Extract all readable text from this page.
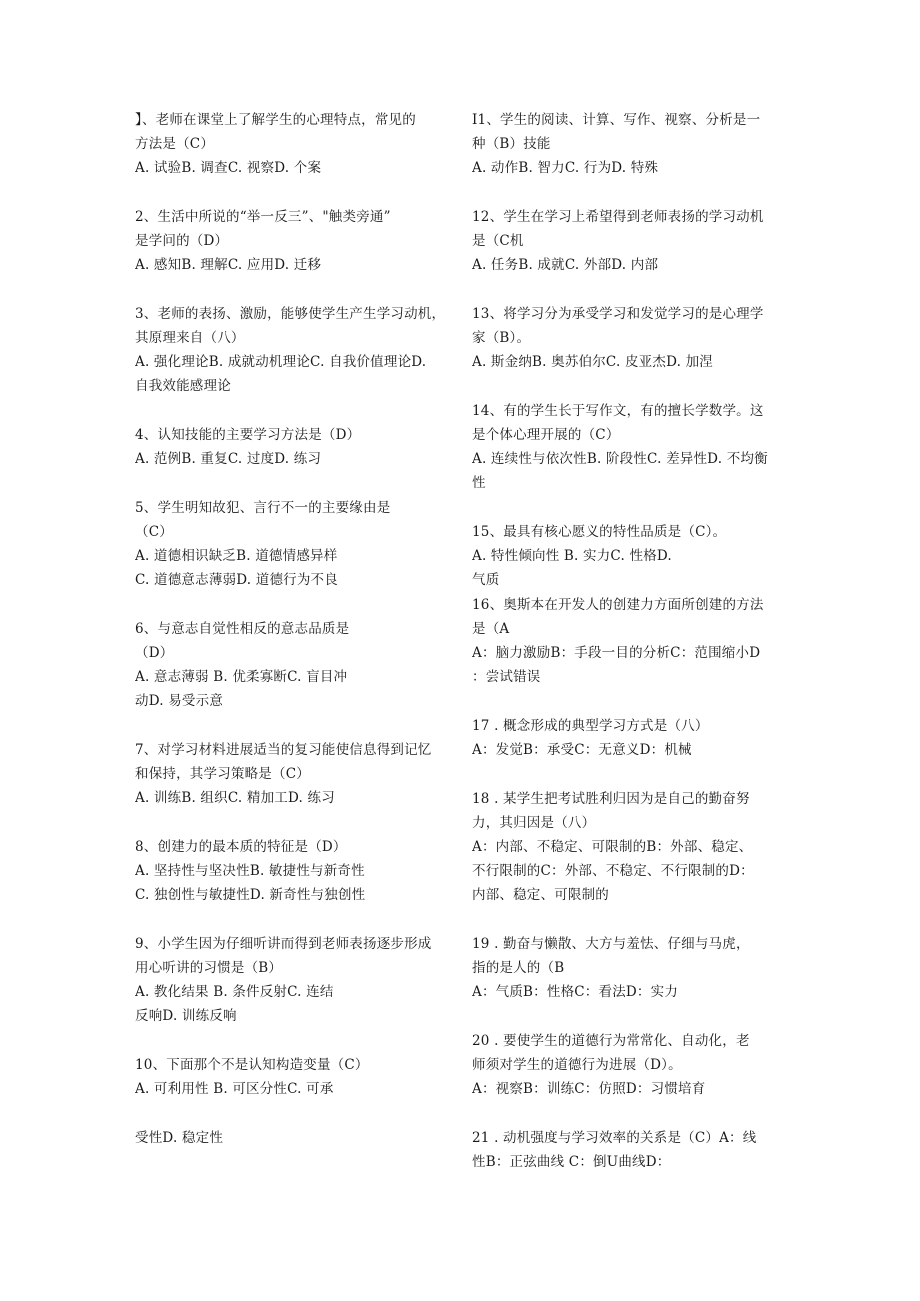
】、老师在课堂上了解学生的心理特点，常见的
方法是（C）
A. 试验B. 调查C. 视察D. 个案
2、生活中所说的“举一反三”、"触类旁通”
是学问的（D）
A. 感知B. 理解C. 应用D. 迁移
3、老师的表扬、激励，能够使学生产生学习动机，
其原理来自（八）
A. 强化理论B. 成就动机理论C. 自我价值理论D.
自我效能感理论
4、认知技能的主要学习方法是（D）
A. 范例B. 重复C. 过度D. 练习
5、学生明知故犯、言行不一的主要缘由是
（C）
A. 道德相识缺乏B. 道德情感异样
C. 道德意志薄弱D. 道德行为不良
6、与意志自觉性相反的意志品质是
（D）
A. 意志薄弱 B. 优柔寡断C. 盲目冲
动D. 易受示意
7、对学习材料进展适当的复习能使信息得到记忆
和保持，其学习策略是（C）
A. 训练B. 组织C. 精加工D. 练习
8、创建力的最本质的特征是（D）
A. 坚持性与坚决性B. 敏捷性与新奇性
C. 独创性与敏捷性D. 新奇性与独创性
9、小学生因为仔细听讲而得到老师表扬逐步形成
用心听讲的习惯是（B）
A. 教化结果 B. 条件反射C. 连结
反响D. 训练反响
10、下面那个不是认知构造变量（C）
A. 可利用性 B. 可区分性C. 可承
受性D. 稳定性
I1、学生的阅读、计算、写作、视察、分析是一
种（B）技能
A. 动作B. 智力C. 行为D. 特殊
12、学生在学习上希望得到老师表扬的学习动机
是（C机
A. 任务B. 成就C. 外部D. 内部
13、将学习分为承受学习和发觉学习的是心理学
家（B）。
A. 斯金纳B. 奥苏伯尔C. 皮亚杰D. 加涅
14、有的学生长于写作文，有的擅长学数学。这
是个体心理开展的（C）
A. 连续性与依次性B. 阶段性C. 差异性D. 不均衡
性
15、最具有核心愿义的特性品质是（C）。
A. 特性倾向性 B. 实力C. 性格D.
气质
16、奥斯本在开发人的创建力方面所创建的方法
是（A
A：脑力激励B：手段一目的分析C：范围缩小D
：尝试错误
17 . 概念形成的典型学习方式是（八）
A：发觉B：承受C：无意义D：机械
18 . 某学生把考试胜利归因为是自己的勤奋努
力，其归因是（八）
A：内部、不稳定、可限制的B：外部、稳定、
不行限制的C：外部、不稳定、不行限制的D：
内部、稳定、可限制的
19 . 勤奋与懒散、大方与羞怯、仔细与马虎，
指的是人的（B
A：气质B：性格C：看法D：实力
20 . 要使学生的道德行为常常化、自动化，老
师须对学生的道德行为进展（D）。
A：视察B：训练C：仿照D：习惯培育
21 . 动机强度与学习效率的关系是（C）A：线
性B：正弦曲线 C：倒U曲线D：
